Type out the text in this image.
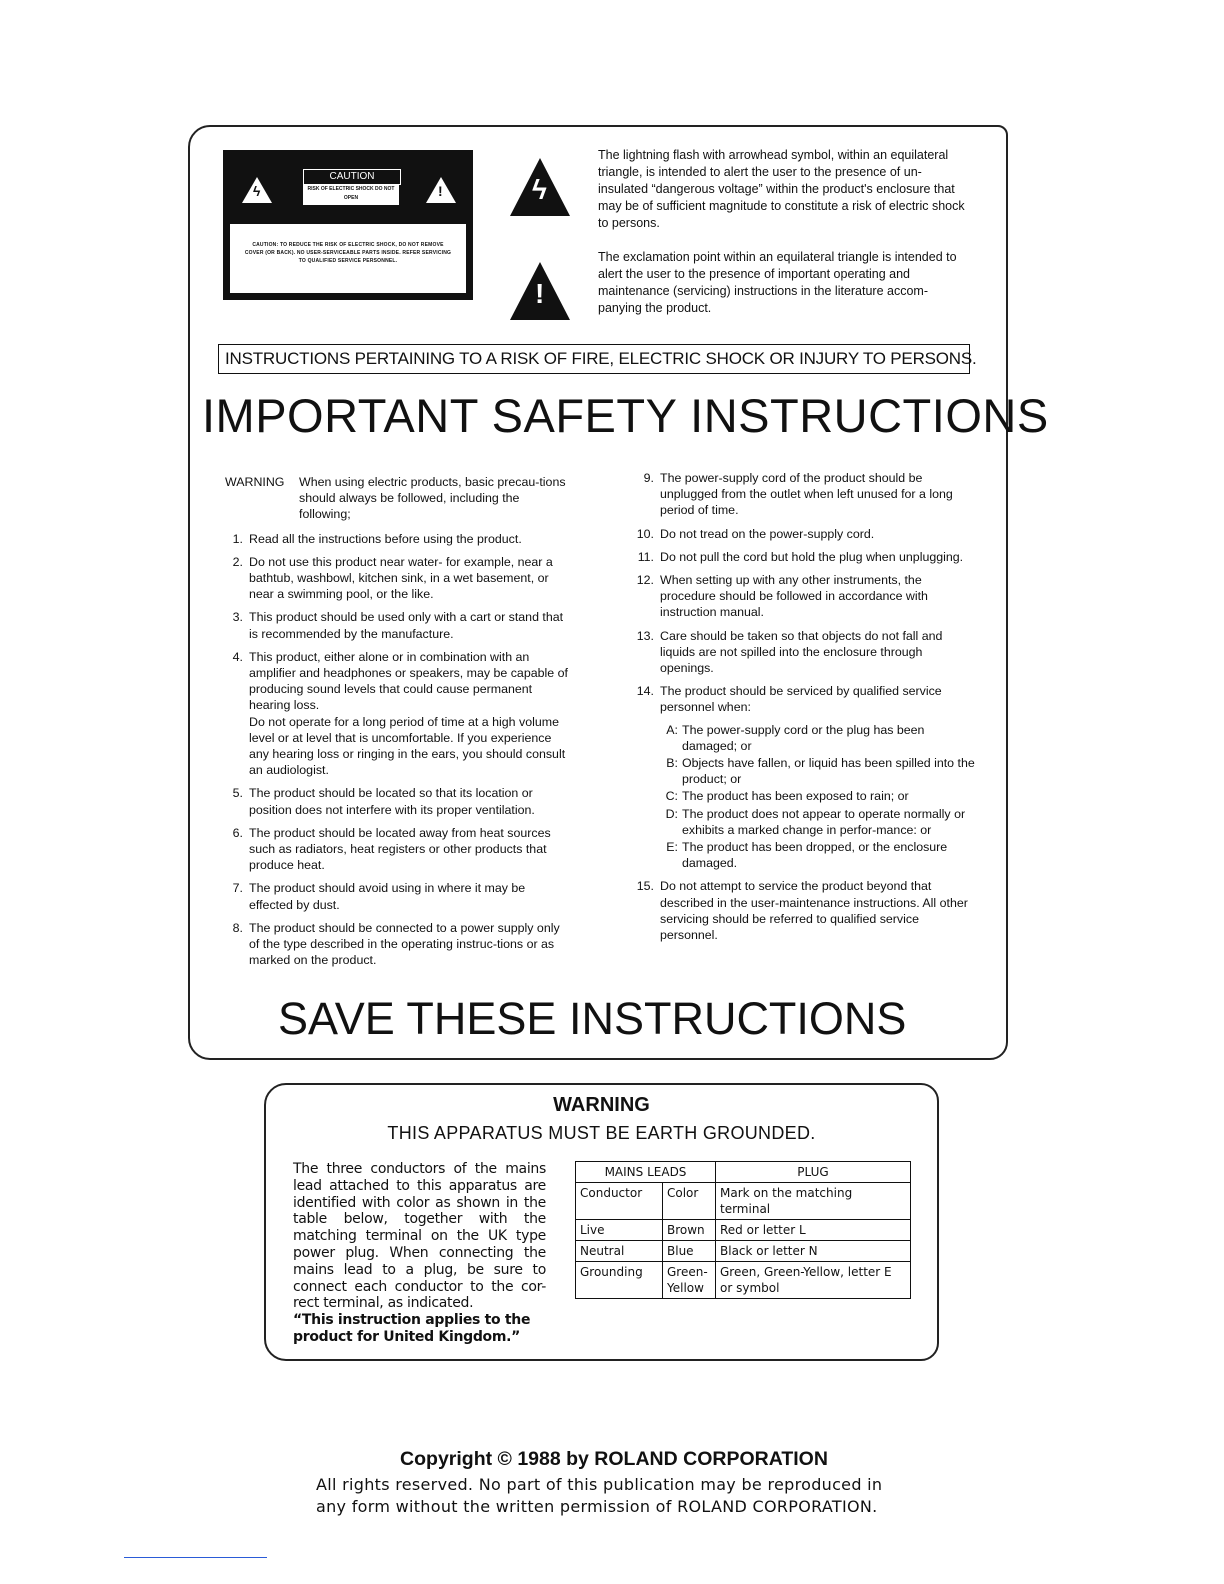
ϟ
CAUTION
RISK OF ELECTRIC SHOCK DO NOT OPEN	!
CAUTION: TO REDUCE THE RISK OF ELECTRIC SHOCK, DO NOT REMOVE COVER (OR BACK). NO USER-SERVICEABLE PARTS INSIDE. REFER SERVICING TO QUALIFIED SERVICE PERSONNEL.
ϟ
!
The lightning flash with arrowhead symbol, within an equilateral triangle, is intended to alert the user to the presence of un-insulated “dangerous voltage” within the product's enclosure that may be of sufficient magnitude to constitute a risk of electric shock to persons.
The exclamation point within an equilateral triangle is intended to alert the user to the presence of important operating and maintenance (servicing) instructions in the literature accom-panying the product.
INSTRUCTIONS PERTAINING TO A RISK OF FIRE, ELECTRIC SHOCK OR INJURY TO PERSONS.
IMPORTANT SAFETY INSTRUCTIONS
WARNING When using electric products, basic precau-tions should always be followed, including the following;
1. Read all the instructions before using the product.
2. Do not use this product near water- for example, near a bathtub, washbowl, kitchen sink, in a wet basement, or near a swimming pool, or the like.
3. This product should be used only with a cart or stand that is recommended by the manufacture.
4. This product, either alone or in combination with an amplifier and headphones or speakers, may be capable of producing sound levels that could cause permanent hearing loss.
Do not operate for a long period of time at a high volume level or at level that is uncomfortable. If you experience any hearing loss or ringing in the ears, you should consult an audiologist.
5. The product should be located so that its location or position does not interfere with its proper ventilation.
6. The product should be located away from heat sources such as radiators, heat registers or other products that produce heat.
7. The product should avoid using in where it may be effected by dust.
8. The product should be connected to a power supply only of the type described in the operating instruc-tions or as marked on the product.
9. The power-supply cord of the product should be unplugged from the outlet when left unused for a long period of time.
10. Do not tread on the power-supply cord.
11. Do not pull the cord but hold the plug when unplugging.
12. When setting up with any other instruments, the procedure should be followed in accordance with instruction manual.
13. Care should be taken so that objects do not fall and liquids are not spilled into the enclosure through openings.
14. The product should be serviced by qualified service personnel when:
A: The power-supply cord or the plug has been damaged; or
B: Objects have fallen, or liquid has been spilled into the product; or
C: The product has been exposed to rain; or
D: The product does not appear to operate normally or exhibits a marked change in perfor-mance: or
E: The product has been dropped, or the enclosure damaged.
15. Do not attempt to service the product beyond that described in the user-maintenance instructions. All other servicing should be referred to qualified service personnel.
SAVE THESE INSTRUCTIONS
WARNING
THIS APPARATUS MUST BE EARTH GROUNDED.
The three conductors of the mains lead attached to this apparatus are identified with color as shown in the table below, together with the matching terminal on the UK type power plug. When connecting the mains lead to a plug, be sure to connect each conductor to the cor-rect terminal, as indicated.
“This instruction applies to the product for United Kingdom.”
MAINS LEADS		PLUG
Conductor	Color	Mark on the matching terminal
Live	Brown	Red or letter L
Neutral	Blue	Black or letter N
Grounding	Green-Yellow	Green, Green-Yellow, letter E or symbol
Copyright © 1988 by ROLAND CORPORATION
All rights reserved. No part of this publication may be reproduced in any form without the written permission of ROLAND CORPORATION.
